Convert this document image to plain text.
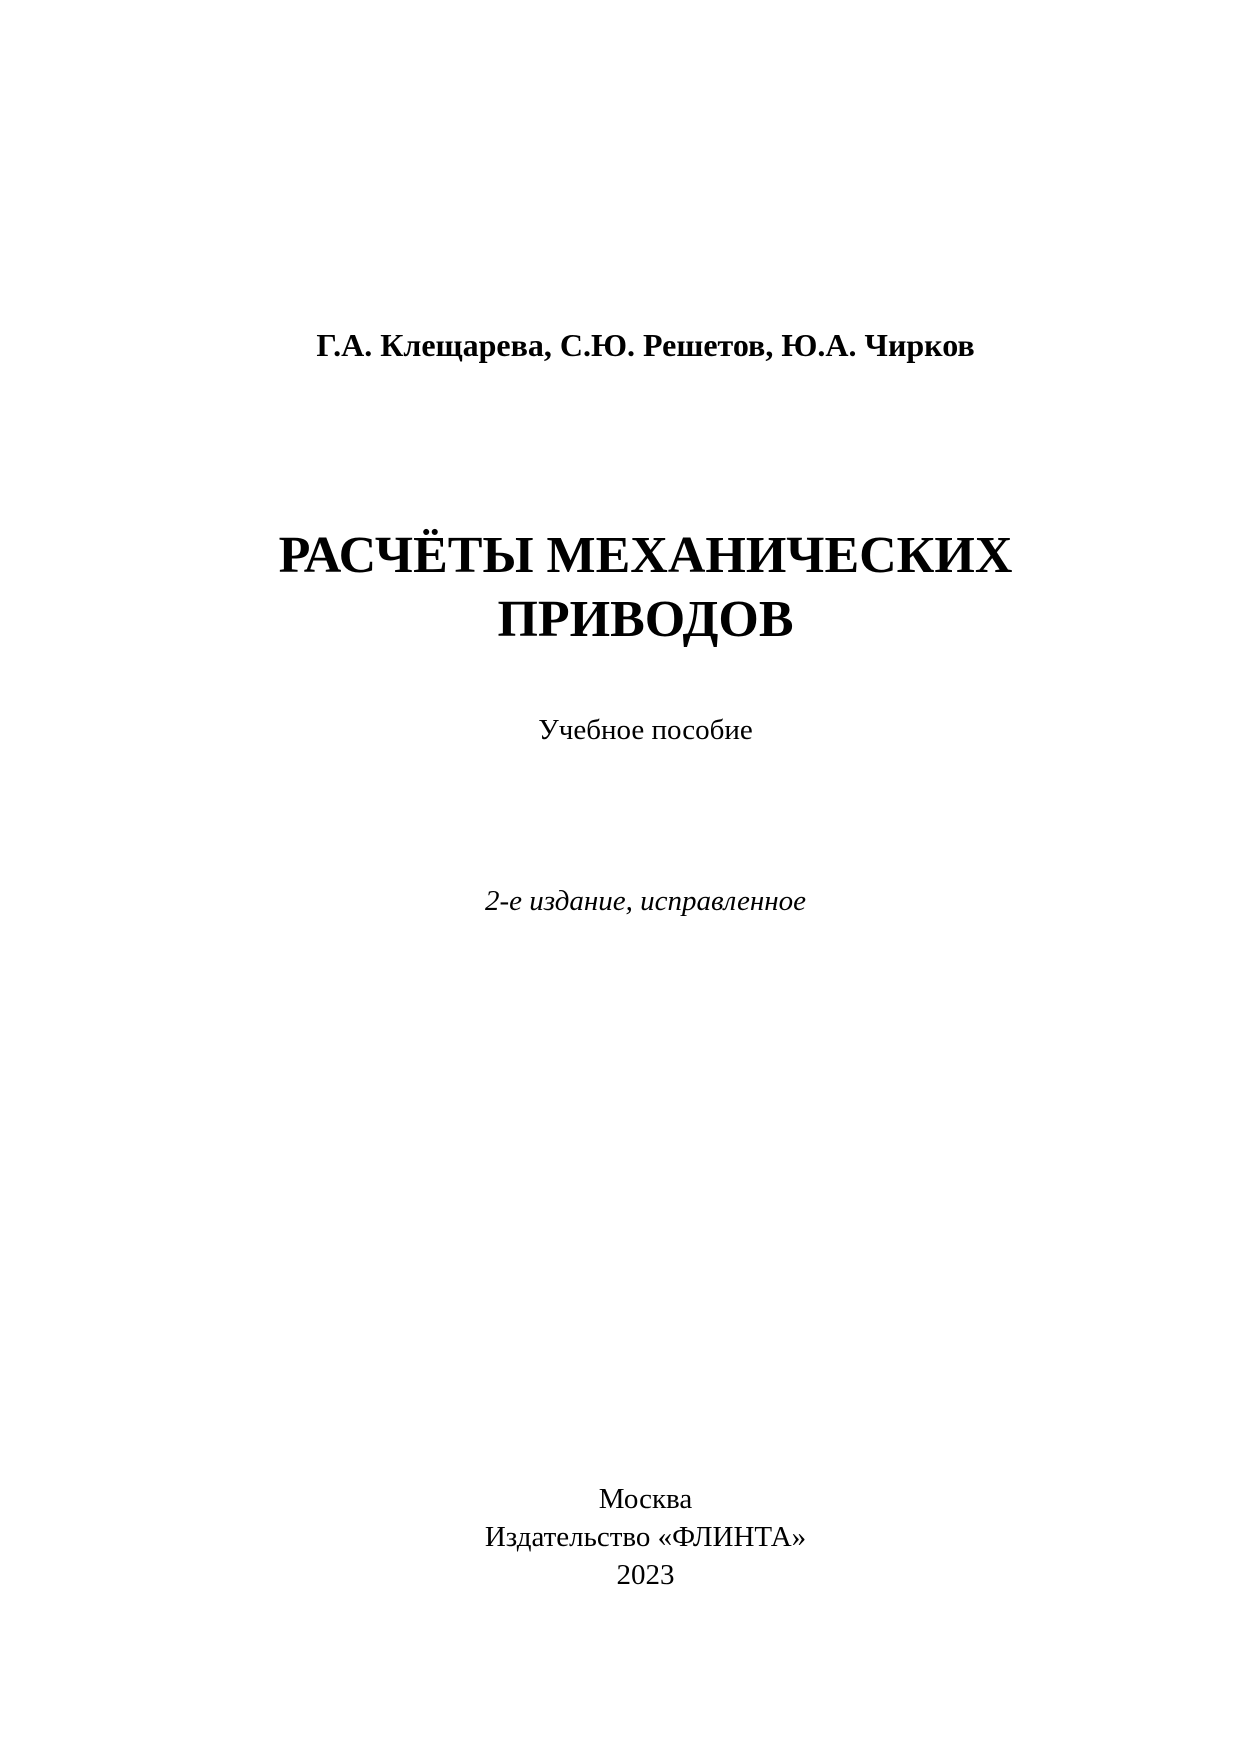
Г.А. Клещарева, С.Ю. Решетов, Ю.А. Чирков
РАСЧЁТЫ МЕХАНИЧЕСКИХ
ПРИВОДОВ
Учебное пособие
2-е издание, исправленное
Москва
Издательство «ФЛИНТА»
2023
